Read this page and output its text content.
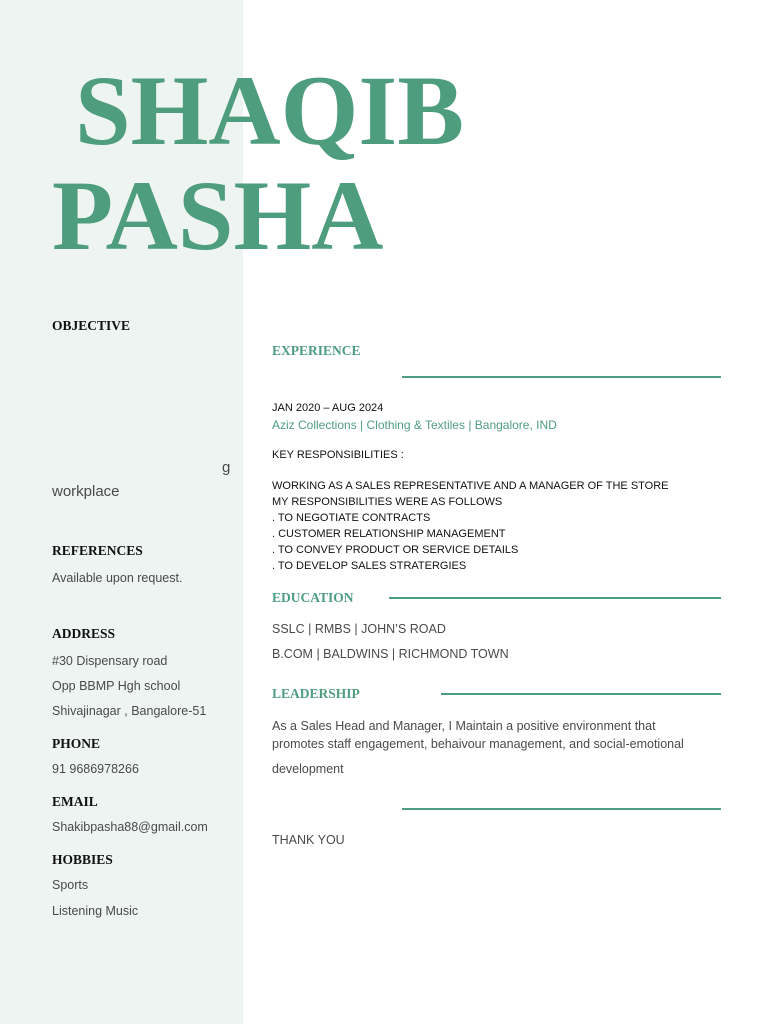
SHAQIB
PASHA
OBJECTIVE
g
workplace
REFERENCES
Available upon request.
ADDRESS
#30 Dispensary road
Opp BBMP Hgh school
Shivajinagar , Bangalore-51
PHONE
91 9686978266
EMAIL
Shakibpasha88@gmail.com
HOBBIES
Sports
Listening Music
EXPERIENCE
JAN 2020 – AUG 2024
Aziz Collections | Clothing & Textiles | Bangalore, IND
KEY RESPONSIBILITIES :
WORKING AS A SALES REPRESENTATIVE AND A MANAGER OF THE STORE
MY RESPONSIBILITIES WERE AS FOLLOWS
. TO NEGOTIATE CONTRACTS
. CUSTOMER RELATIONSHIP MANAGEMENT
. TO CONVEY PRODUCT OR SERVICE DETAILS
. TO DEVELOP SALES STRATERGIES
EDUCATION
SSLC | RMBS | JOHN’S ROAD
B.COM | BALDWINS | RICHMOND TOWN
LEADERSHIP
As a Sales Head and Manager, I Maintain a positive environment that
promotes staff engagement, behaivour management, and social-emotional
development
THANK YOU
